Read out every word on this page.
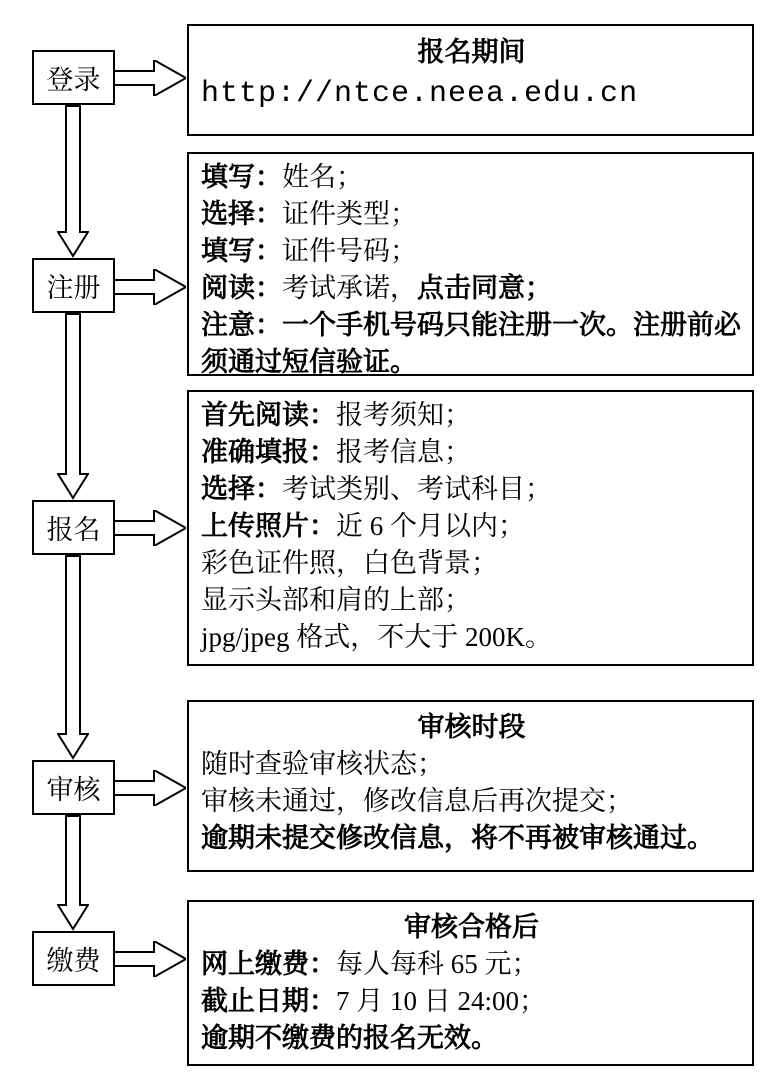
登录
注册
报名
审核
缴费
报名期间
http://ntce.neea.edu.cn
填写：姓名；
选择：证件类型；
填写：证件号码；
阅读：考试承诺，点击同意；
注意：一个手机号码只能注册一次。注册前必须通过短信验证。
首先阅读：报考须知；
准确填报：报考信息；
选择：考试类别、考试科目；
上传照片：近 6 个月以内；
彩色证件照，白色背景；
显示头部和肩的上部；
jpg/jpeg 格式，不大于 200K。
审核时段
随时查验审核状态；
审核未通过，修改信息后再次提交；
逾期未提交修改信息，将不再被审核通过。
审核合格后
网上缴费：每人每科 65 元；
截止日期：7 月 10 日 24:00；
逾期不缴费的报名无效。
